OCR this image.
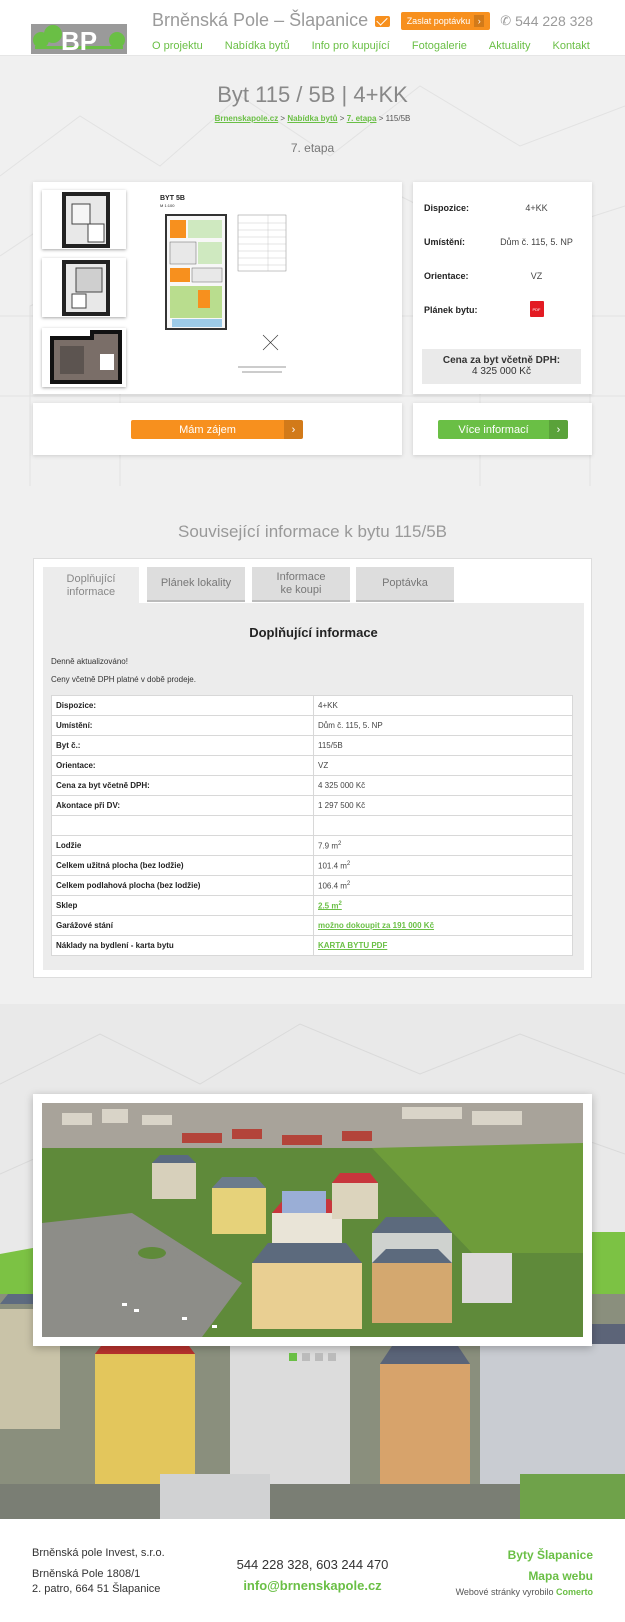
BP
Brněnská Pole – Šlapanice	Zaslat poptávku › ✆ 544 228 328
O projektu Nabídka bytů Info pro kupující Fotogalerie Aktuality Kontakt
Byt 115 / 5B | 4+KK
Brnenskapole.cz > Nabídka bytů > 7. etapa > 115/5B
7. etapa
BYT 5B
M 1:100	Dispozice:	4+KK
Umístění:	Dům č. 115, 5. NP
Orientace:	VZ
Plánek bytu:
PDF
Cena za byt včetně DPH:
4 325 000 Kč
Mám zájem	›	Více informací	›
Související informace k bytu 115/5B
Doplňující
informace
Plánek lokality
Informace
ke koupi
Poptávka
Doplňující informace
Denně aktualizováno!
Ceny včetně DPH platné v době prodeje.
Dispozice:	4+KK
Umístění:	Dům č. 115, 5. NP
Byt č.:	115/5B
Orientace:	VZ
Cena za byt včetně DPH:	4 325 000 Kč
Akontace při DV:	1 297 500 Kč

Lodžie	7.9 $m^2$
Celkem užitná plocha (bez lodžie)	101.4 $m^2$
Celkem podlahová plocha (bez lodžie)	106.4 $m^2$
Sklep	2.5 $m^2$
Garážové stání	možno dokoupit za 191 000 Kč
Náklady na bydlení - karta bytu	KARTA BYTU PDF
Brněnská pole Invest, s.r.o.
Brněnská Pole 1808/1
2. patro, 664 51 Šlapanice
544 228 328, 603 244 470
info@brnenskapole.cz
Byty Šlapanice
Mapa webu
Webové stránky vyrobilo Comerto
